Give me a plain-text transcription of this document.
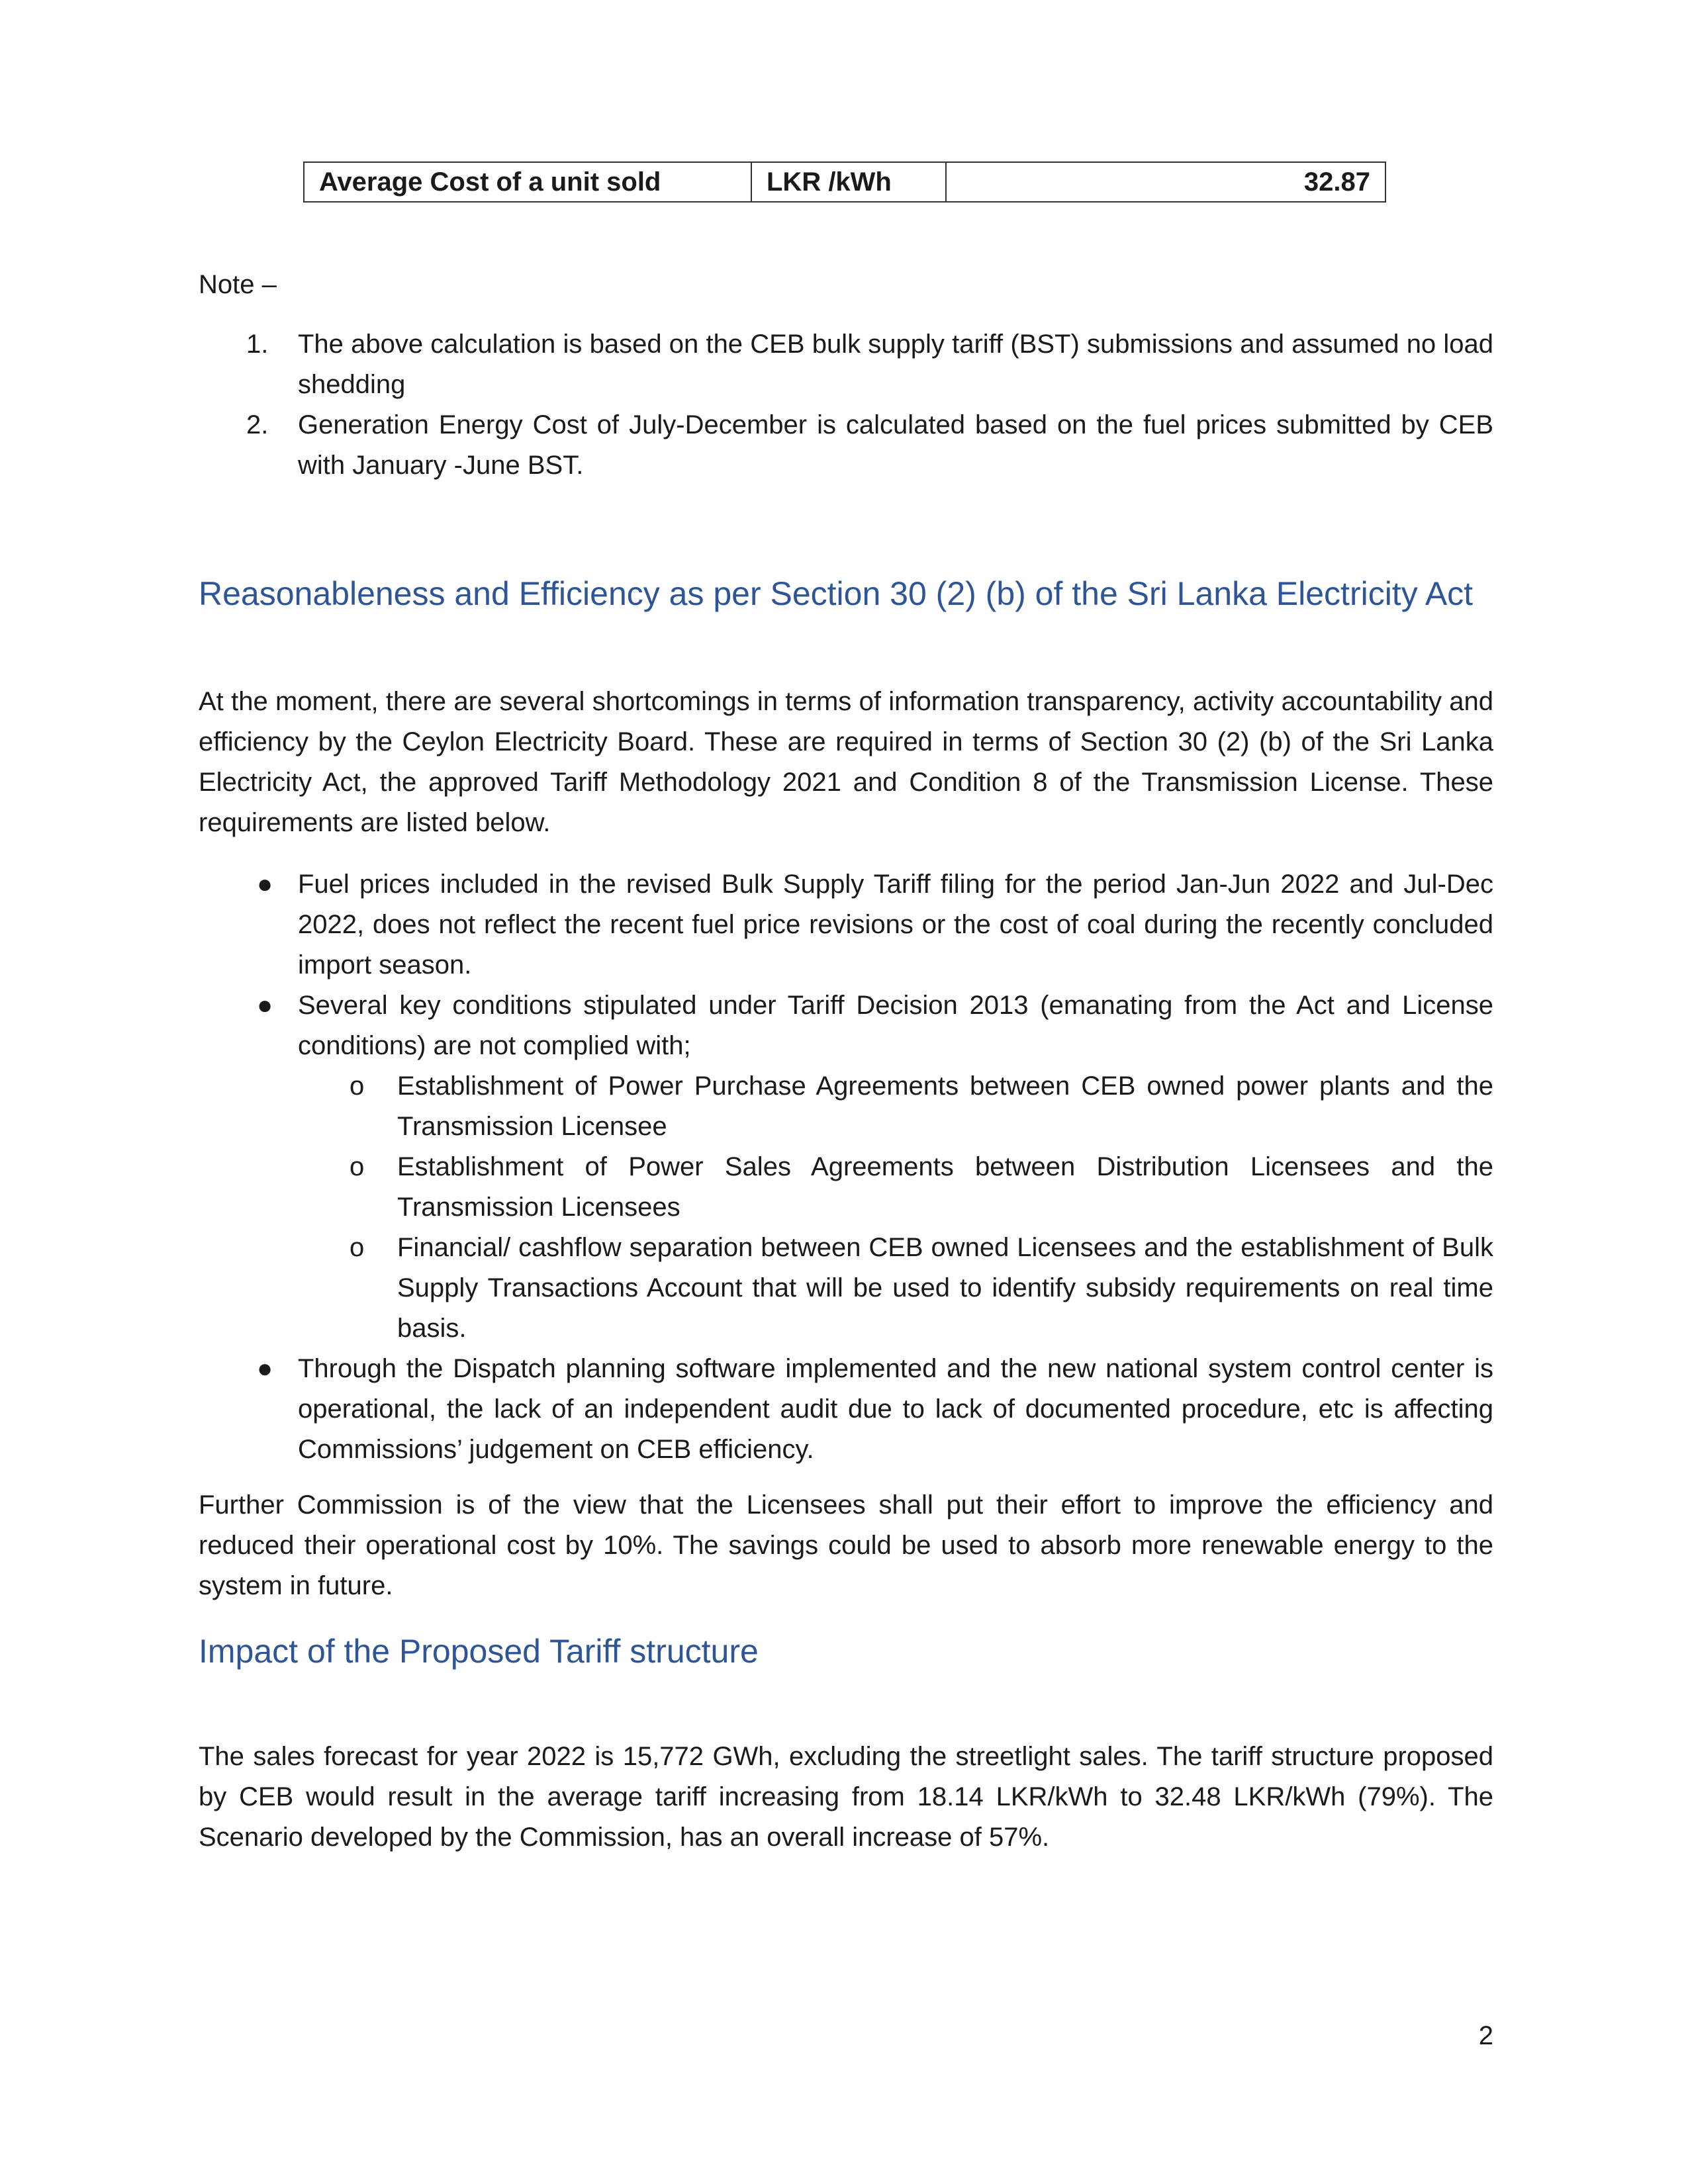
Average Cost of a unit sold	LKR /kWh	32.87
Note –
1. The above calculation is based on the CEB bulk supply tariff (BST) submissions and assumed no load shedding
2. Generation Energy Cost of July-December is calculated based on the fuel prices submitted by CEB with January -June BST.
Reasonableness and Efficiency as per Section 30 (2) (b) of the Sri Lanka Electricity Act

At the moment, there are several shortcomings in terms of information transparency, activity accountability and efficiency by the Ceylon Electricity Board. These are required in terms of Section 30 (2) (b) of the Sri Lanka Electricity Act, the approved Tariff Methodology 2021 and Condition 8 of the Transmission License. These requirements are listed below.

● Fuel prices included in the revised Bulk Supply Tariff filing for the period Jan-Jun 2022 and Jul-Dec 2022, does not reflect the recent fuel price revisions or the cost of coal during the recently concluded import season.
● Several key conditions stipulated under Tariff Decision 2013 (emanating from the Act and License conditions) are not complied with;
o Establishment of Power Purchase Agreements between CEB owned power plants and the Transmission Licensee
o Establishment of Power Sales Agreements between Distribution Licensees and the Transmission Licensees
o Financial/ cashflow separation between CEB owned Licensees and the establishment of Bulk Supply Transactions Account that will be used to identify subsidy requirements on real time basis.
● Through the Dispatch planning software implemented and the new national system control center is operational, the lack of an independent audit due to lack of documented procedure, etc is affecting Commissions’ judgement on CEB efficiency.

Further Commission is of the view that the Licensees shall put their effort to improve the efficiency and reduced their operational cost by 10%. The savings could be used to absorb more renewable energy to the system in future.

Impact of the Proposed Tariff structure

The sales forecast for year 2022 is 15,772 GWh, excluding the streetlight sales. The tariff structure proposed by CEB would result in the average tariff increasing from 18.14 LKR/kWh to 32.48 LKR/kWh (79%). The Scenario developed by the Commission, has an overall increase of 57%.

2
